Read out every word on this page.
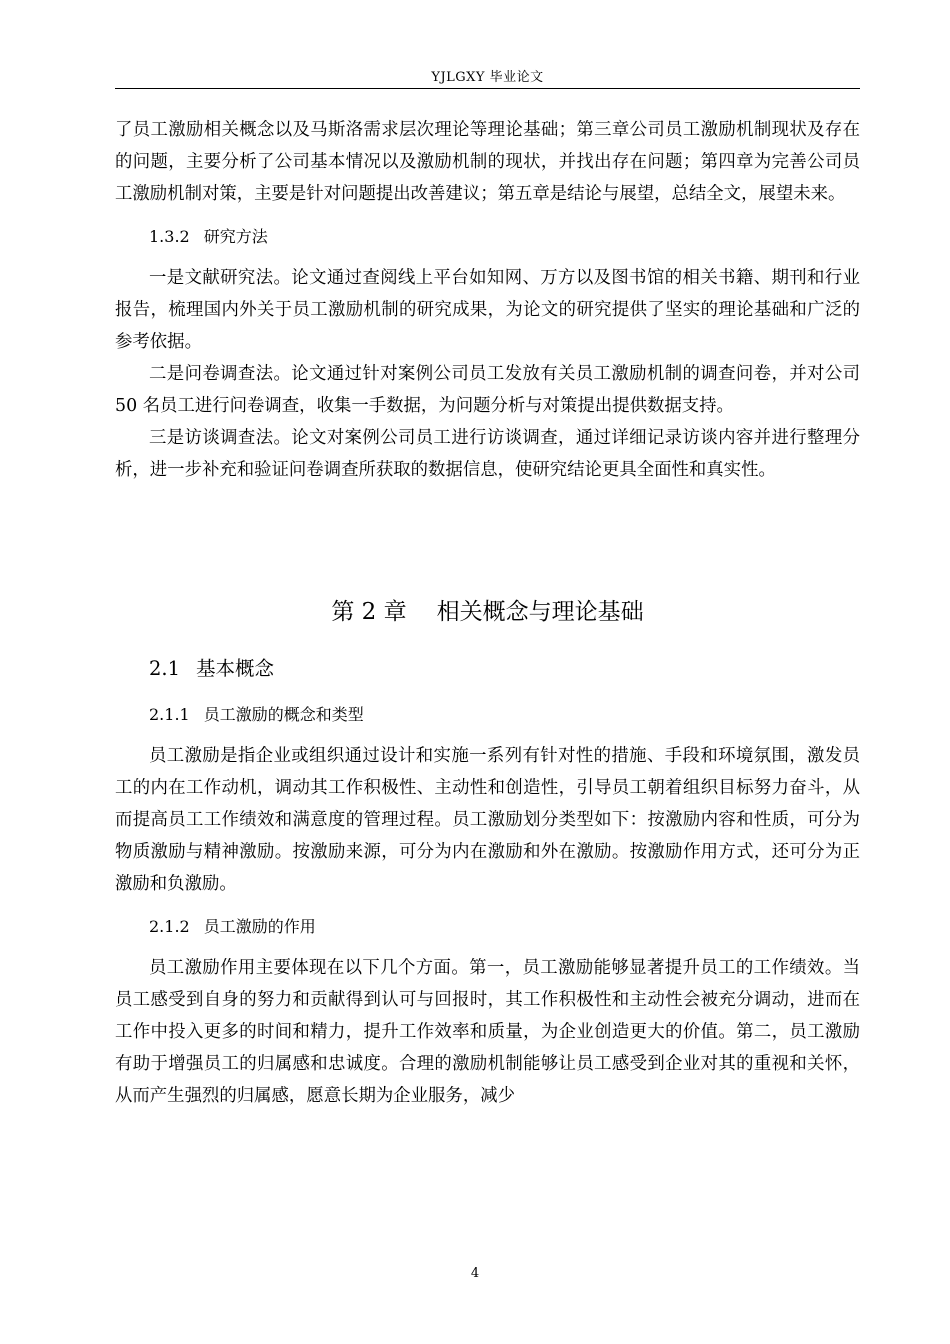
YJLGXY 毕业论文

了员工激励相关概念以及马斯洛需求层次理论等理论基础；第三章公司员工激励机制现状及存在的问题，主要分析了公司基本情况以及激励机制的现状，并找出存在问题；第四章为完善公司员工激励机制对策，主要是针对问题提出改善建议；第五章是结论与展望，总结全文，展望未来。

1.3.2 研究方法

一是文献研究法。论文通过查阅线上平台如知网、万方以及图书馆的相关书籍、期刊和行业报告，梳理国内外关于员工激励机制的研究成果，为论文的研究提供了坚实的理论基础和广泛的参考依据。

二是问卷调查法。论文通过针对案例公司员工发放有关员工激励机制的调查问卷，并对公司 50 名员工进行问卷调查，收集一手数据，为问题分析与对策提出提供数据支持。

三是访谈调查法。论文对案例公司员工进行访谈调查，通过详细记录访谈内容并进行整理分析，进一步补充和验证问卷调查所获取的数据信息，使研究结论更具全面性和真实性。

第 2 章 相关概念与理论基础
2.1 基本概念
2.1.1 员工激励的概念和类型

员工激励是指企业或组织通过设计和实施一系列有针对性的措施、手段和环境氛围，激发员工的内在工作动机，调动其工作积极性、主动性和创造性，引导员工朝着组织目标努力奋斗，从而提高员工工作绩效和满意度的管理过程。员工激励划分类型如下：按激励内容和性质，可分为物质激励与精神激励。按激励来源，可分为内在激励和外在激励。按激励作用方式，还可分为正激励和负激励。

2.1.2 员工激励的作用

员工激励作用主要体现在以下几个方面。第一，员工激励能够显著提升员工的工作绩效。当员工感受到自身的努力和贡献得到认可与回报时，其工作积极性和主动性会被充分调动，进而在工作中投入更多的时间和精力，提升工作效率和质量，为企业创造更大的价值。第二，员工激励有助于增强员工的归属感和忠诚度。合理的激励机制能够让员工感受到企业对其的重视和关怀，从而产生强烈的归属感，愿意长期为企业服务，减少

4
